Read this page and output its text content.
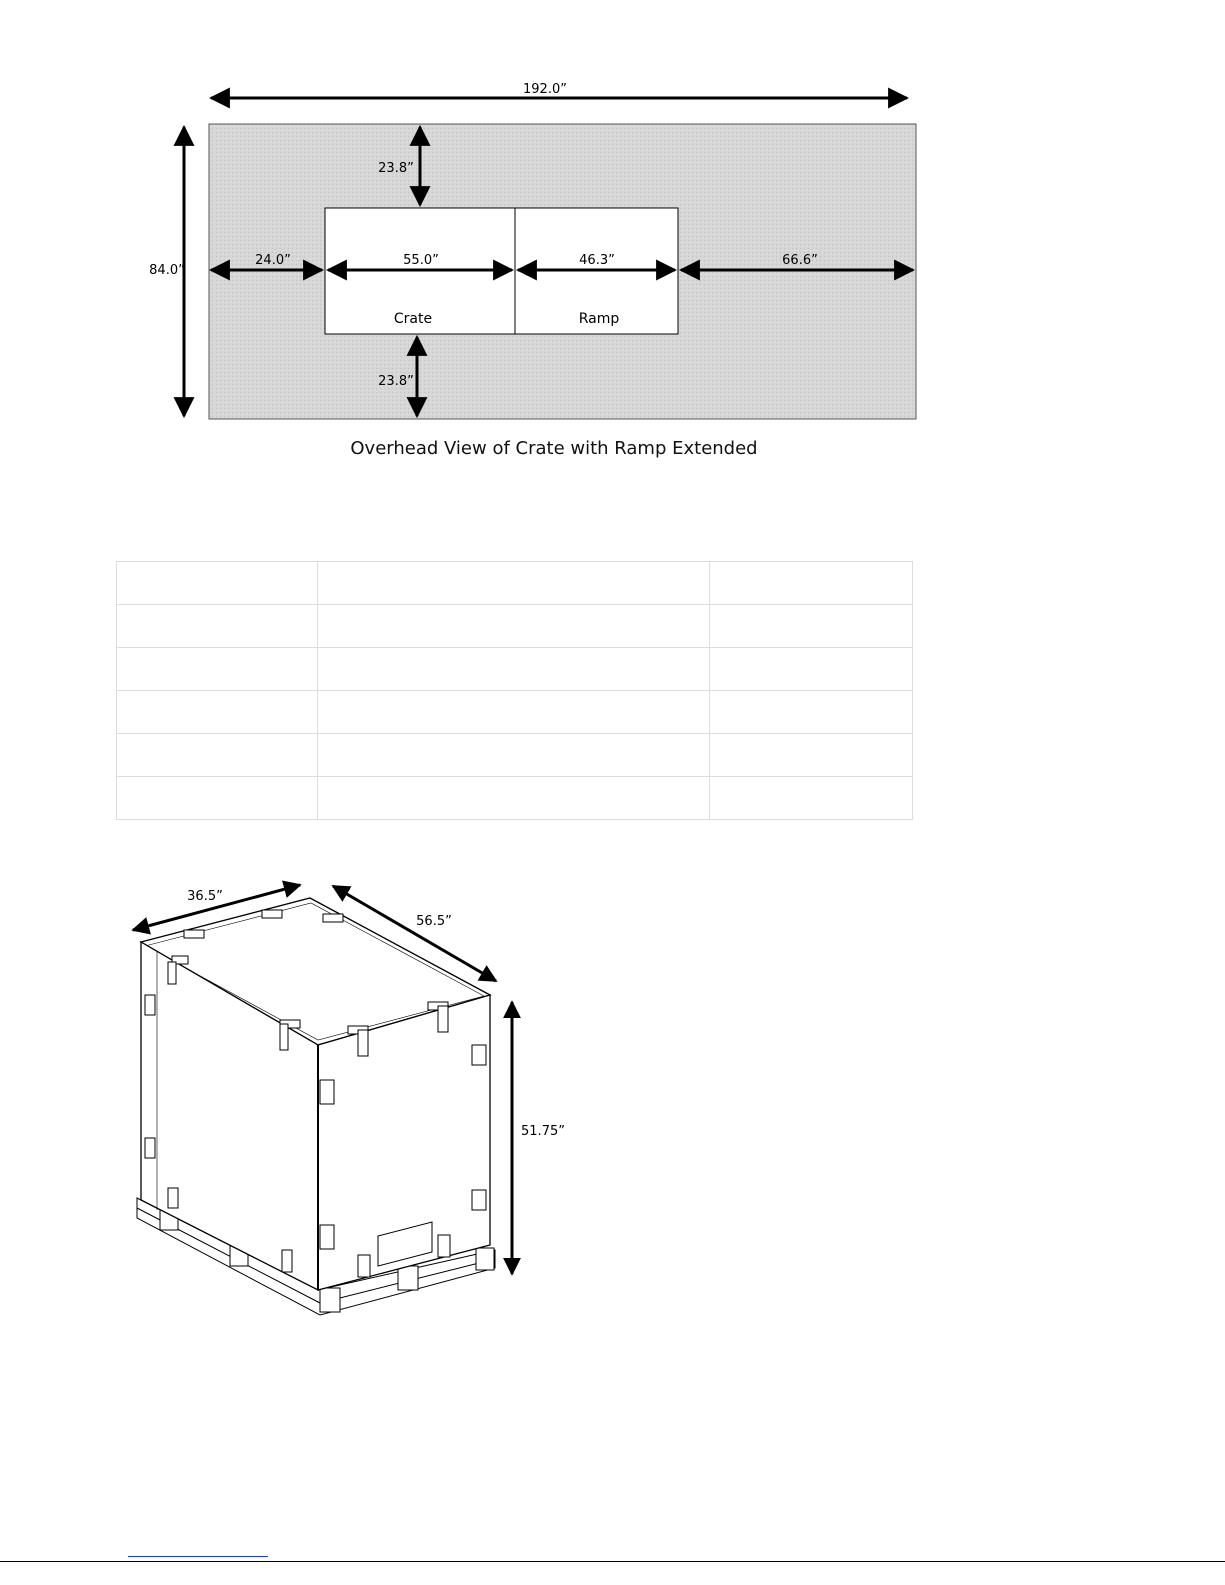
192.0”
84.0”
23.8”
23.8”
24.0”	55.0”	46.3”	66.6”
Crate	Ramp
Overhead View of Crate with Ramp Extended

36.5”
56.5”
51.75”
